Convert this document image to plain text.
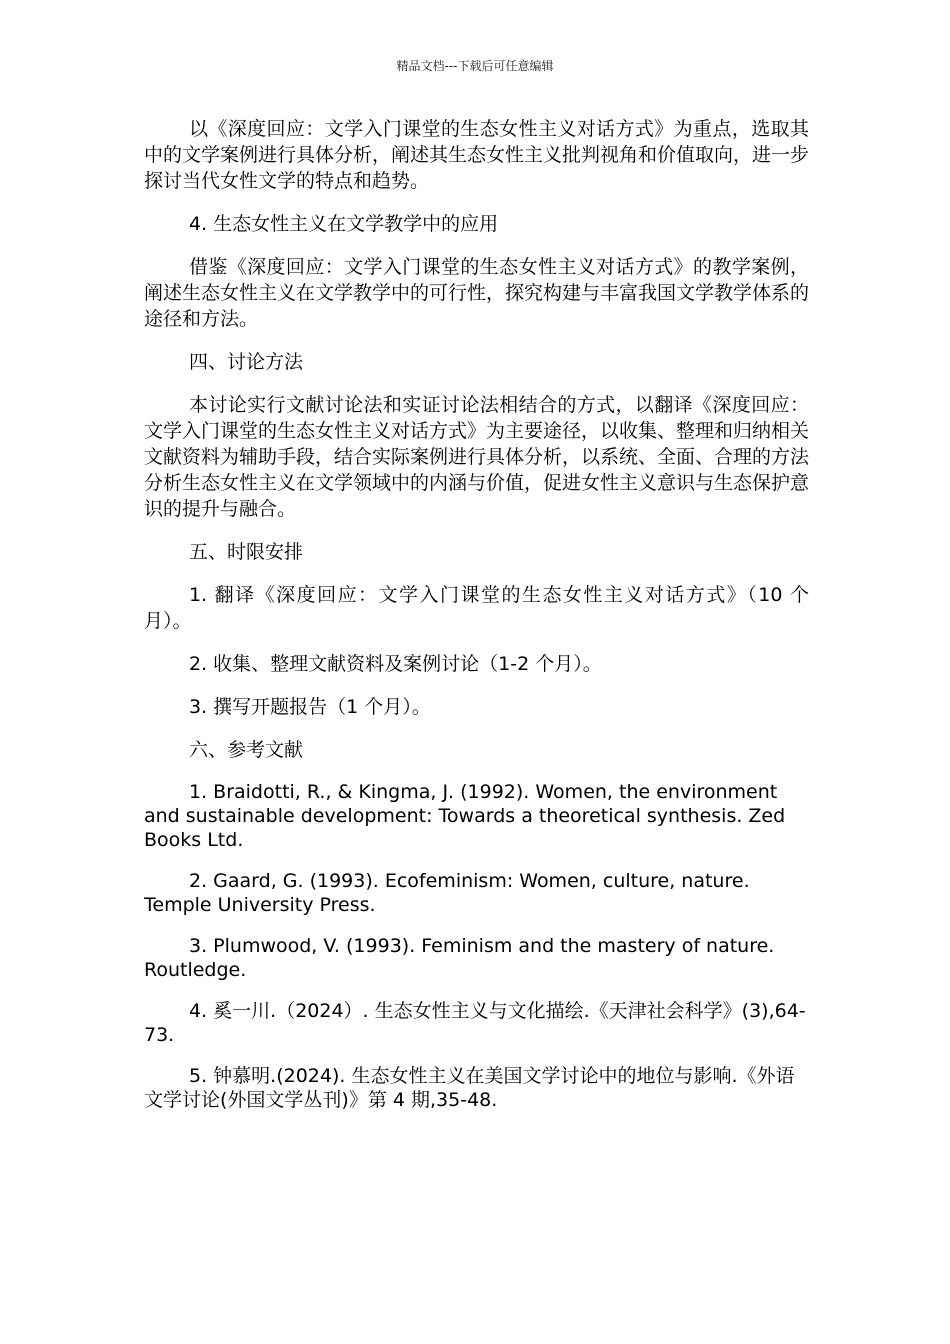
精品文档---下载后可任意编辑

以《深度回应：文学入门课堂的生态女性主义对话方式》为重点，选取其中的文学案例进行具体分析，阐述其生态女性主义批判视角和价值取向，进一步探讨当代女性文学的特点和趋势。

4. 生态女性主义在文学教学中的应用

借鉴《深度回应：文学入门课堂的生态女性主义对话方式》的教学案例，阐述生态女性主义在文学教学中的可行性，探究构建与丰富我国文学教学体系的途径和方法。

四、讨论方法

本讨论实行文献讨论法和实证讨论法相结合的方式，以翻译《深度回应：文学入门课堂的生态女性主义对话方式》为主要途径，以收集、整理和归纳相关文献资料为辅助手段，结合实际案例进行具体分析，以系统、全面、合理的方法分析生态女性主义在文学领域中的内涵与价值，促进女性主义意识与生态保护意识的提升与融合。

五、时限安排

1. 翻译《深度回应：文学入门课堂的生态女性主义对话方式》（10 个月）。

2. 收集、整理文献资料及案例讨论（1-2 个月）。

3. 撰写开题报告（1 个月）。

六、参考文献

1. Braidotti, R., & Kingma, J. (1992). Women, the environment and sustainable development: Towards a theoretical synthesis. Zed Books Ltd.

2. Gaard, G. (1993). Ecofeminism: Women, culture, nature. Temple University Press.

3. Plumwood, V. (1993). Feminism and the mastery of nature. Routledge.

4. 奚一川.（2024）. 生态女性主义与文化描绘.《天津社会科学》(3),64-73.

5. 钟慕明.(2024). 生态女性主义在美国文学讨论中的地位与影响.《外语文学讨论(外国文学丛刊)》第 4 期,35-48.
